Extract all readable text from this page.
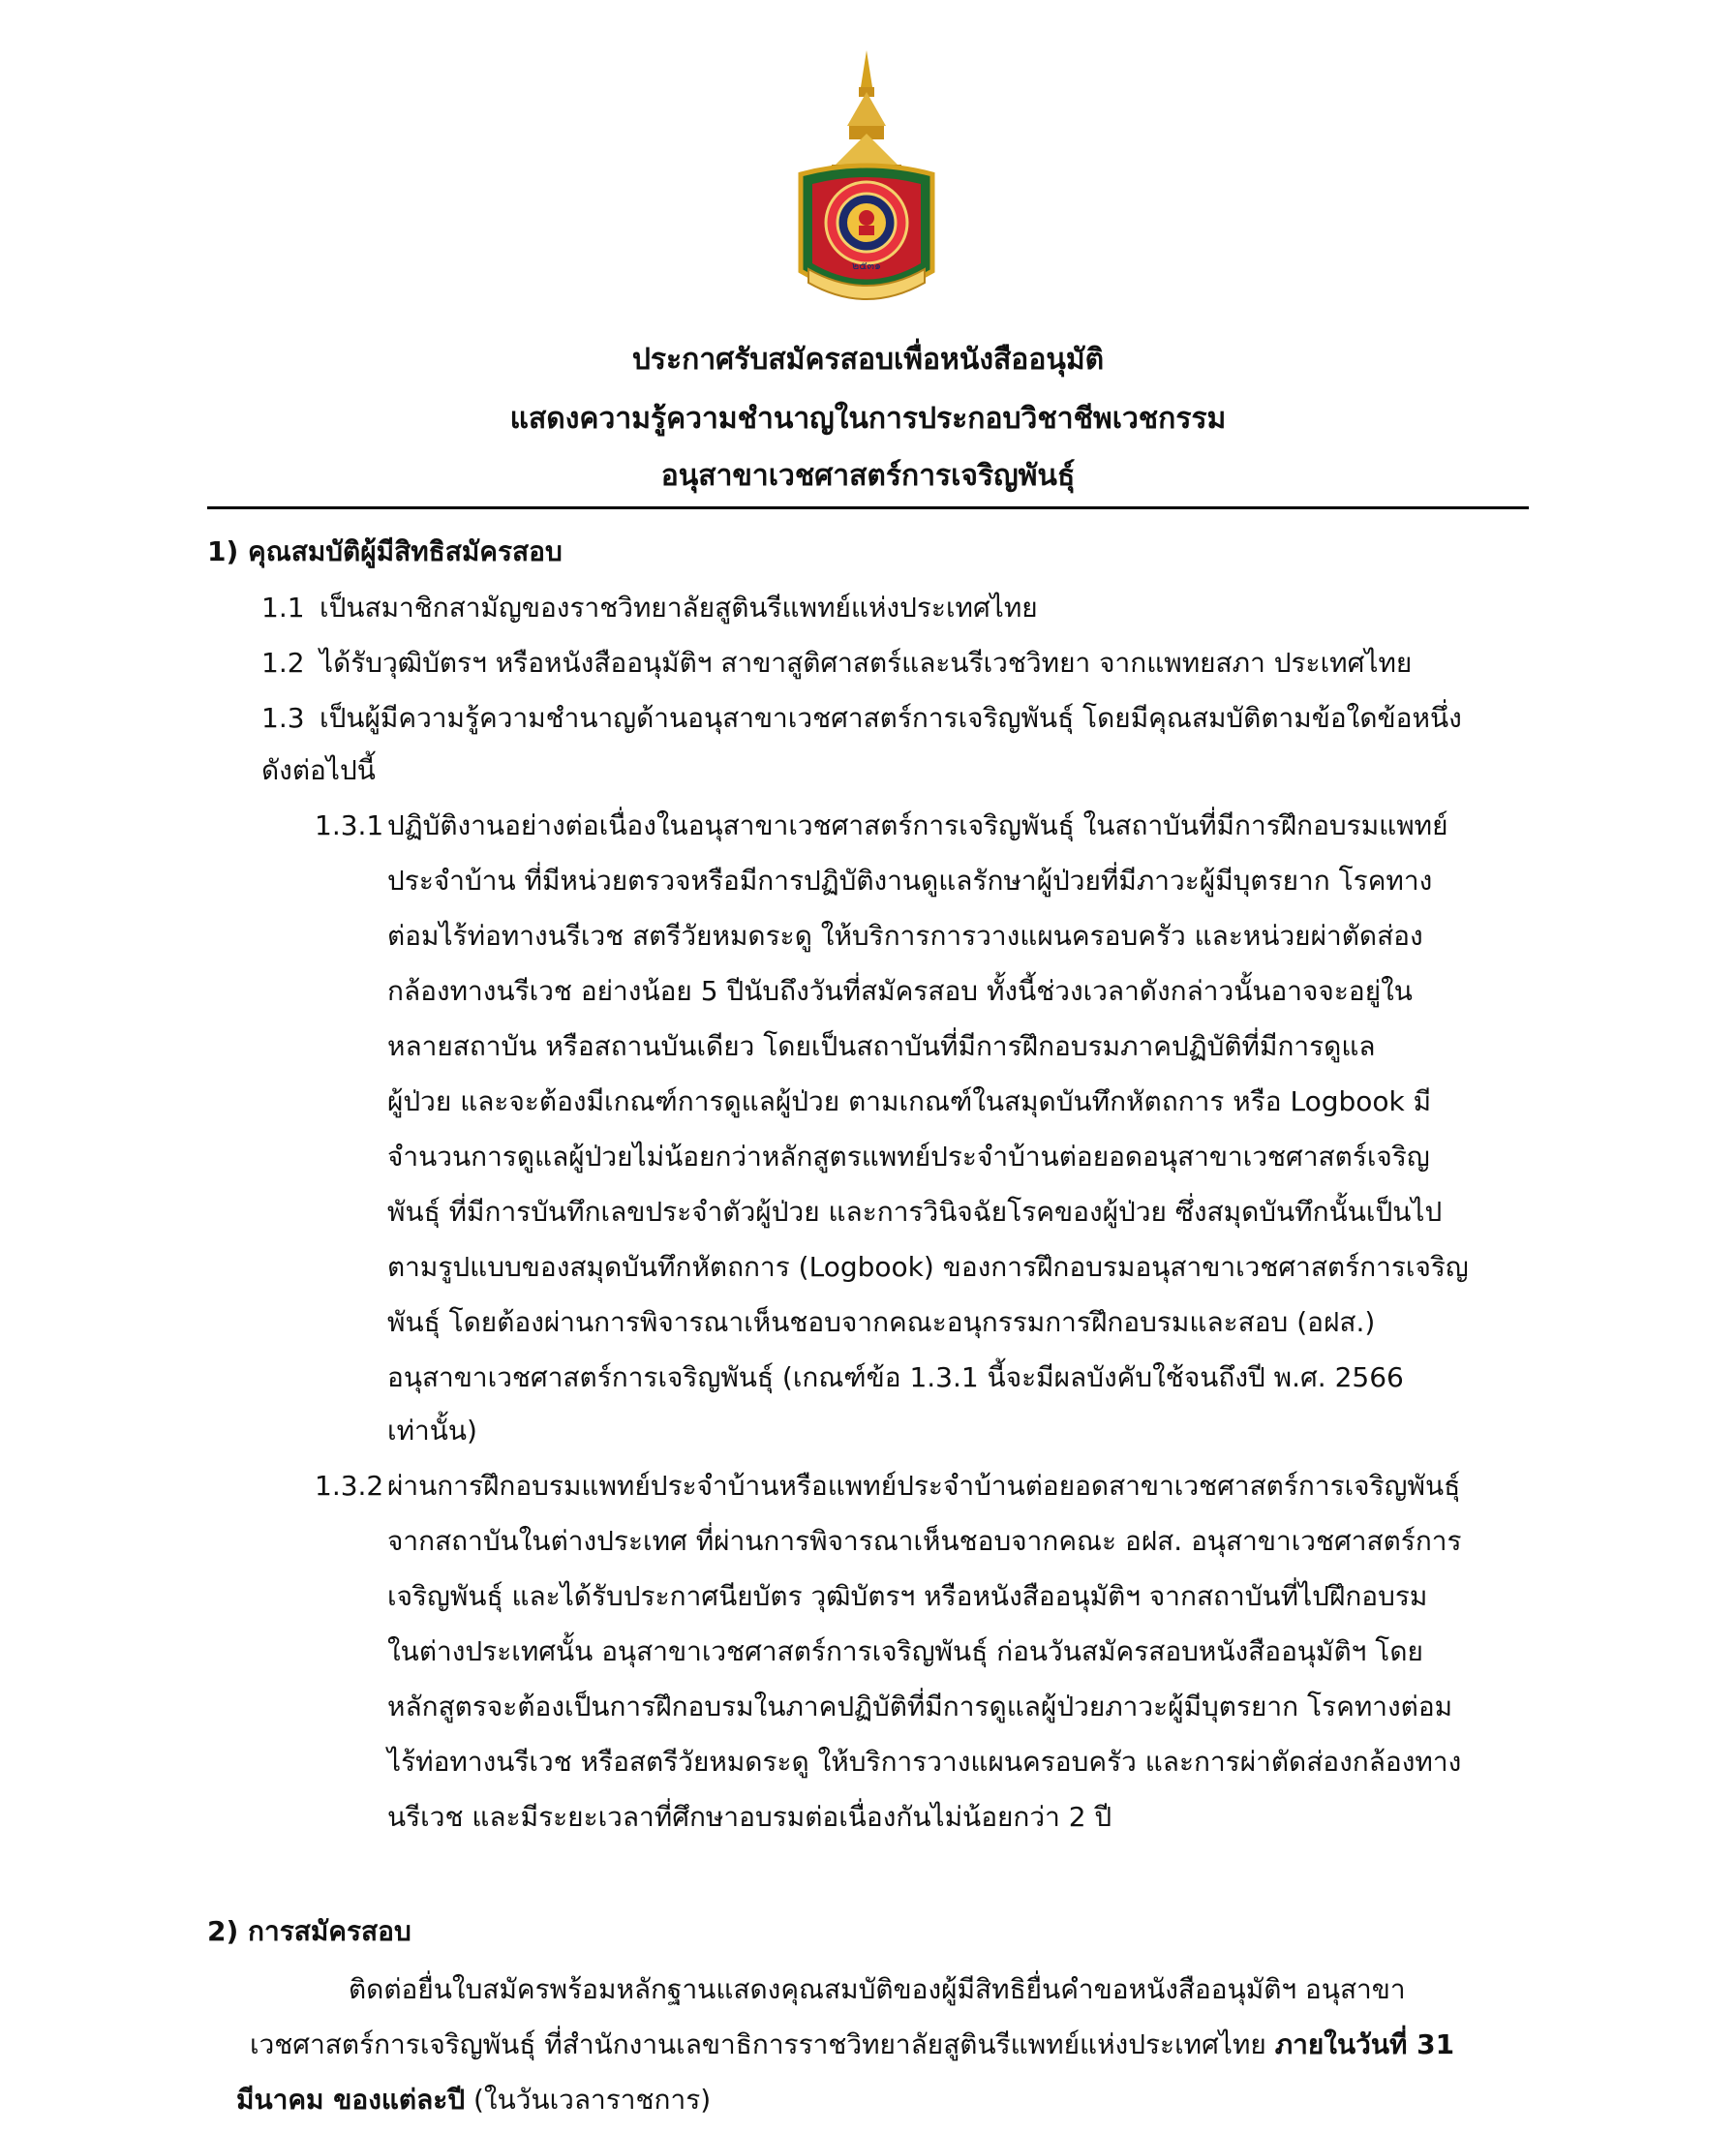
๒๕๓๑
ประกาศรับสมัครสอบเพื่อหนังสืออนุมัติ
แสดงความรู้ความชำนาญในการประกอบวิชาชีพเวชกรรม
อนุสาขาเวชศาสตร์การเจริญพันธุ์
1) คุณสมบัติผู้มีสิทธิสมัครสอบ
1.1 เป็นสมาชิกสามัญของราชวิทยาลัยสูตินรีแพทย์แห่งประเทศไทย
1.2 ได้รับวุฒิบัตรฯ หรือหนังสืออนุมัติฯ สาขาสูติศาสตร์และนรีเวชวิทยา จากแพทยสภา ประเทศไทย
1.3 เป็นผู้มีความรู้ความชำนาญด้านอนุสาขาเวชศาสตร์การเจริญพันธุ์ โดยมีคุณสมบัติตามข้อใดข้อหนึ่ง
ดังต่อไปนี้
1.3.1 ปฏิบัติงานอย่างต่อเนื่องในอนุสาขาเวชศาสตร์การเจริญพันธุ์ ในสถาบันที่มีการฝึกอบรมแพทย์
ประจำบ้าน ที่มีหน่วยตรวจหรือมีการปฏิบัติงานดูแลรักษาผู้ป่วยที่มีภาวะผู้มีบุตรยาก โรคทาง
ต่อมไร้ท่อทางนรีเวช สตรีวัยหมดระดู ให้บริการการวางแผนครอบครัว และหน่วยผ่าตัดส่อง
กล้องทางนรีเวช อย่างน้อย 5 ปีนับถึงวันที่สมัครสอบ ทั้งนี้ช่วงเวลาดังกล่าวนั้นอาจจะอยู่ใน
หลายสถาบัน หรือสถานบันเดียว โดยเป็นสถาบันที่มีการฝึกอบรมภาคปฏิบัติที่มีการดูแล
ผู้ป่วย และจะต้องมีเกณฑ์การดูแลผู้ป่วย ตามเกณฑ์ในสมุดบันทึกหัตถการ หรือ Logbook มี
จำนวนการดูแลผู้ป่วยไม่น้อยกว่าหลักสูตรแพทย์ประจำบ้านต่อยอดอนุสาขาเวชศาสตร์เจริญ
พันธุ์ ที่มีการบันทึกเลขประจำตัวผู้ป่วย และการวินิจฉัยโรคของผู้ป่วย ซึ่งสมุดบันทึกนั้นเป็นไป
ตามรูปแบบของสมุดบันทึกหัตถการ (Logbook) ของการฝึกอบรมอนุสาขาเวชศาสตร์การเจริญ
พันธุ์ โดยต้องผ่านการพิจารณาเห็นชอบจากคณะอนุกรรมการฝึกอบรมและสอบ (อฝส.)
อนุสาขาเวชศาสตร์การเจริญพันธุ์ (เกณฑ์ข้อ 1.3.1 นี้จะมีผลบังคับใช้จนถึงปี พ.ศ. 2566
เท่านั้น)
1.3.2 ผ่านการฝึกอบรมแพทย์ประจำบ้านหรือแพทย์ประจำบ้านต่อยอดสาขาเวชศาสตร์การเจริญพันธุ์
จากสถาบันในต่างประเทศ ที่ผ่านการพิจารณาเห็นชอบจากคณะ อฝส. อนุสาขาเวชศาสตร์การ
เจริญพันธุ์ และได้รับประกาศนียบัตร วุฒิบัตรฯ หรือหนังสืออนุมัติฯ จากสถาบันที่ไปฝึกอบรม
ในต่างประเทศนั้น อนุสาขาเวชศาสตร์การเจริญพันธุ์ ก่อนวันสมัครสอบหนังสืออนุมัติฯ โดย
หลักสูตรจะต้องเป็นการฝึกอบรมในภาคปฏิบัติที่มีการดูแลผู้ป่วยภาวะผู้มีบุตรยาก โรคทางต่อม
ไร้ท่อทางนรีเวช หรือสตรีวัยหมดระดู ให้บริการวางแผนครอบครัว และการผ่าตัดส่องกล้องทาง
นรีเวช และมีระยะเวลาที่ศึกษาอบรมต่อเนื่องกันไม่น้อยกว่า 2 ปี
2) การสมัครสอบ
ติดต่อยื่นใบสมัครพร้อมหลักฐานแสดงคุณสมบัติของผู้มีสิทธิยื่นคำขอหนังสืออนุมัติฯ อนุสาขา
เวชศาสตร์การเจริญพันธุ์ ที่สำนักงานเลขาธิการราชวิทยาลัยสูตินรีแพทย์แห่งประเทศไทย ภายในวันที่ 31
มีนาคม ของแต่ละปี (ในวันเวลาราชการ)
